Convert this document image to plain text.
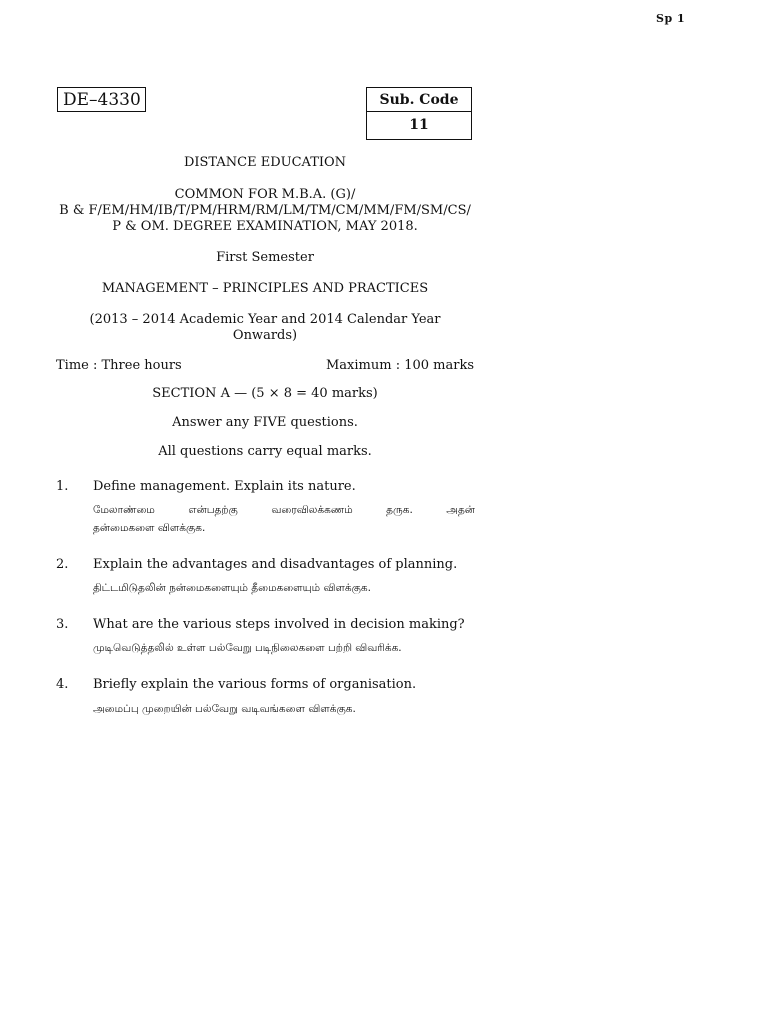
Sp 1
DE–4330	Sub. Code
11
DISTANCE EDUCATION
COMMON FOR M.B.A. (G)/
B & F/EM/HM/IB/T/PM/HRM/RM/LM/TM/CM/MM/FM/SM/CS/
P & OM. DEGREE EXAMINATION, MAY 2018.
First Semester
MANAGEMENT – PRINCIPLES AND PRACTICES
(2013 – 2014 Academic Year and 2014 Calendar Year
Onwards)
Time : Three hours	Maximum : 100 marks
SECTION A — (5 × 8 = 40 marks)
Answer any FIVE questions.
All questions carry equal marks.
1. Define management. Explain its nature.
மேலாண்மை என்பதற்கு வரைவிலக்கணம் தருக. அதன்
தன்மைகளை விளக்குக.
2. Explain the advantages and disadvantages of planning.
திட்டமிடுதலின் நன்மைகளையும் தீமைகளையும் விளக்குக.
3. What are the various steps involved in decision making?
முடிவெடுத்தலில் உள்ள பல்வேறு படிநிலைகளை பற்றி விவரிக்க.
4. Briefly explain the various forms of organisation.
அமைப்பு முறையின் பல்வேறு வடிவங்களை விளக்குக.
